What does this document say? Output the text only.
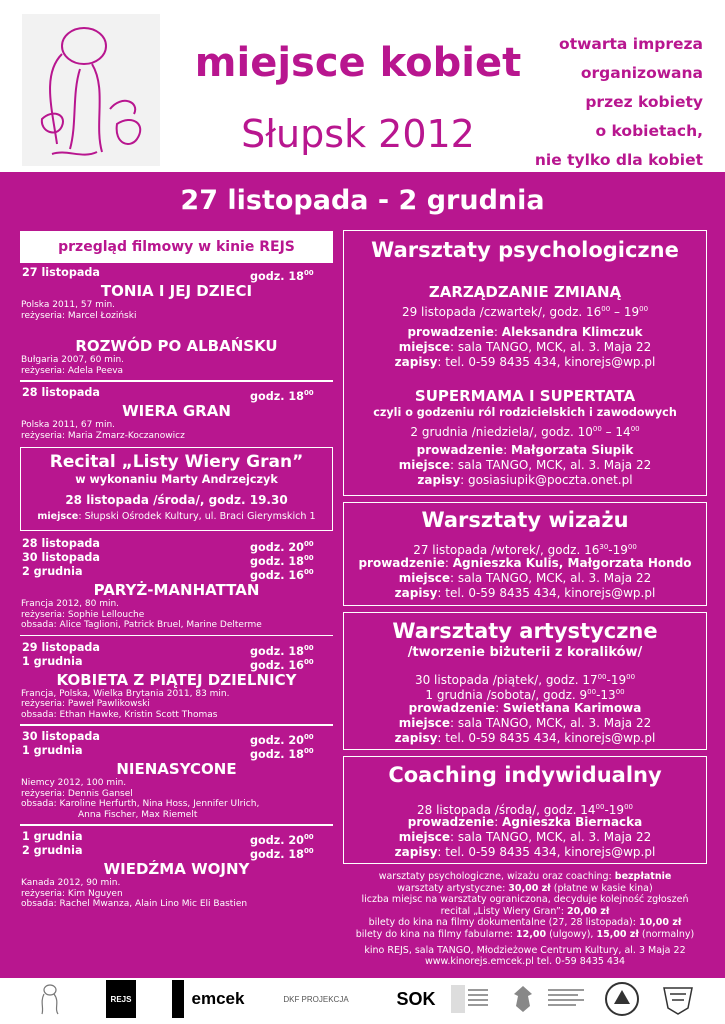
miejsce kobiet
Słupsk 2012
otwarta impreza
organizowana
przez kobiety
o kobietach,
nie tylko dla kobiet
27 listopada - 2 grudnia
przegląd filmowy w kinie REJS
27 listopada	godz. $18^{00}$
TONIA I JEJ DZIECI
Polska 2011, 57 min.
reżyseria: Marcel Łoziński
ROZWÓD PO ALBAŃSKU
Bułgaria 2007, 60 min.
reżyseria: Adela Peeva
28 listopada	godz. $18^{00}$
WIERA GRAN
Polska 2011, 67 min.
reżyseria: Maria Zmarz-Koczanowicz
Recital „Listy Wiery Gran”
w wykonaniu Marty Andrzejczyk
28 listopada /środa/, godz. 19.30
miejsce: Słupski Ośrodek Kultury, ul. Braci Gierymskich 1
28 listopada	godz. $20^{00}$
30 listopada	godz. $18^{00}$
2 grudnia	godz. $16^{00}$
PARYŻ-MANHATTAN
Francja 2012, 80 min.
reżyseria: Sophie Lellouche
obsada: Alice Taglioni, Patrick Bruel, Marine Delterme
29 listopada	godz. $18^{00}$
1 grudnia	godz. $16^{00}$
KOBIETA Z PIĄTEJ DZIELNICY
Francja, Polska, Wielka Brytania 2011, 83 min.
reżyseria: Paweł Pawlikowski
obsada: Ethan Hawke, Kristin Scott Thomas
30 listopada	godz. $20^{00}$
1 grudnia	godz. $18^{00}$
NIENASYCONE
Niemcy 2012, 100 min.
reżyseria: Dennis Gansel
obsada: Karoline Herfurth, Nina Hoss, Jennifer Ulrich,
Anna Fischer, Max Riemelt
1 grudnia	godz. $20^{00}$
2 grudnia	godz. $18^{00}$
WIEDŹMA WOJNY
Kanada 2012, 90 min.
reżyseria: Kim Nguyen
obsada: Rachel Mwanza, Alain Lino Mic Eli Bastien
Warsztaty psychologiczne
ZARZĄDZANIE ZMIANĄ
29 listopada /czwartek/, godz. $16^{00} - 19^{00}$
prowadzenie: Aleksandra Klimczuk
miejsce: sala TANGO, MCK, al. 3. Maja 22
zapisy: tel. 0-59 8435 434, kinorejs@wp.pl
SUPERMAMA I SUPERTATA
czyli o godzeniu ról rodzicielskich i zawodowych
2 grudnia /niedziela/, godz. $10^{00} - 14^{00}$
prowadzenie: Małgorzata Siupik
miejsce: sala TANGO, MCK, al. 3. Maja 22
zapisy: gosiasiupik@poczta.onet.pl
Warsztaty wizażu
27 listopada /wtorek/, godz. $16^{30}-19^{00}$
prowadzenie: Agnieszka Kulis, Małgorzata Hondo
miejsce: sala TANGO, MCK, al. 3. Maja 22
zapisy: tel. 0-59 8435 434, kinorejs@wp.pl
Warsztaty artystyczne
/tworzenie biżuterii z koralików/
30 listopada /piątek/, godz. $17^{00}-19^{00}$
1 grudnia /sobota/, godz. $9^{00}-13^{00}$
prowadzenie: Swietłana Karimowa
miejsce: sala TANGO, MCK, al. 3. Maja 22
zapisy: tel. 0-59 8435 434, kinorejs@wp.pl
Coaching indywidualny
28 listopada /środa/, godz. $14^{00}-19^{00}$
prowadzenie: Agnieszka Biernacka
miejsce: sala TANGO, MCK, al. 3. Maja 22
zapisy: tel. 0-59 8435 434, kinorejs@wp.pl
warsztaty psychologiczne, wizażu oraz coaching: bezpłatnie
warsztaty artystyczne: 30,00 zł (płatne w kasie kina)
liczba miejsc na warsztaty ograniczona, decyduje kolejność zgłoszeń
recital „Listy Wiery Gran”: 20,00 zł
bilety do kina na filmy dokumentalne (27, 28 listopada): 10,00 zł
bilety do kina na filmy fabularne: 12,00 (ulgowy), 15,00 zł (normalny)
kino REJS, sala TANGO, Młodzieżowe Centrum Kultury, al. 3 Maja 22
www.kinorejs.emcek.pl tel. 0-59 8435 434
REJS	emcek	DKF PROJEKCJA	SOK
